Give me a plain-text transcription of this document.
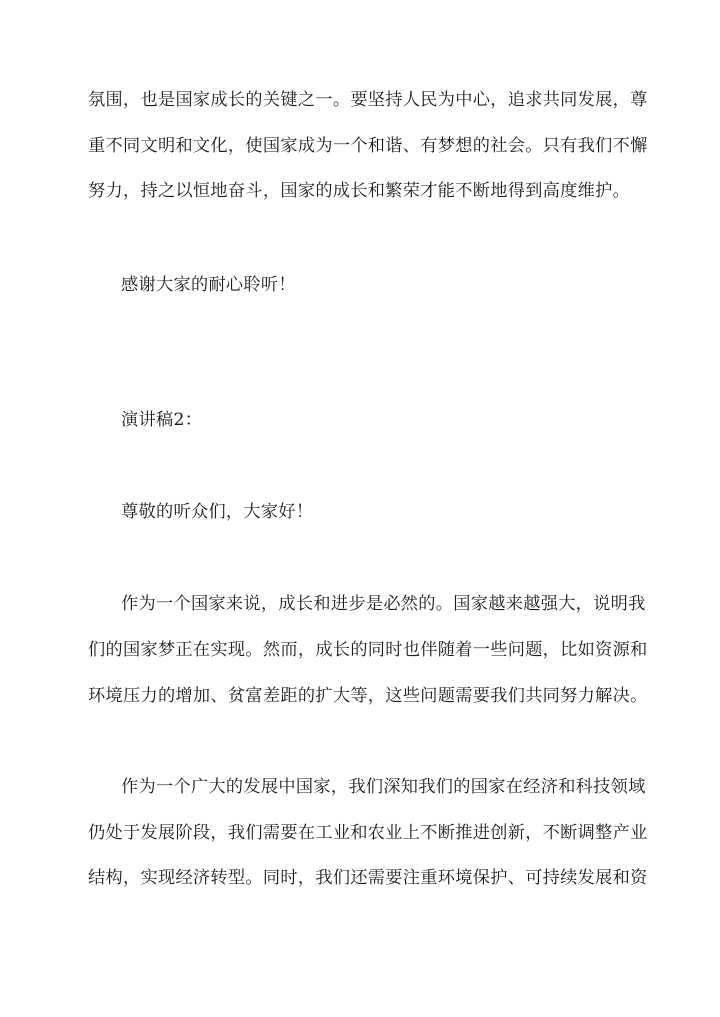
氛围，也是国家成长的关键之一。要坚持人民为中心，追求共同发展，尊
重不同文明和文化，使国家成为一个和谐、有梦想的社会。只有我们不懈
努力，持之以恒地奋斗，国家的成长和繁荣才能不断地得到高度维护。
感谢大家的耐心聆听！
演讲稿2：
尊敬的听众们，大家好！
作为一个国家来说，成长和进步是必然的。国家越来越强大，说明我
们的国家梦正在实现。然而，成长的同时也伴随着一些问题，比如资源和
环境压力的增加、贫富差距的扩大等，这些问题需要我们共同努力解决。
作为一个广大的发展中国家，我们深知我们的国家在经济和科技领域
仍处于发展阶段，我们需要在工业和农业上不断推进创新，不断调整产业
结构，实现经济转型。同时，我们还需要注重环境保护、可持续发展和资
